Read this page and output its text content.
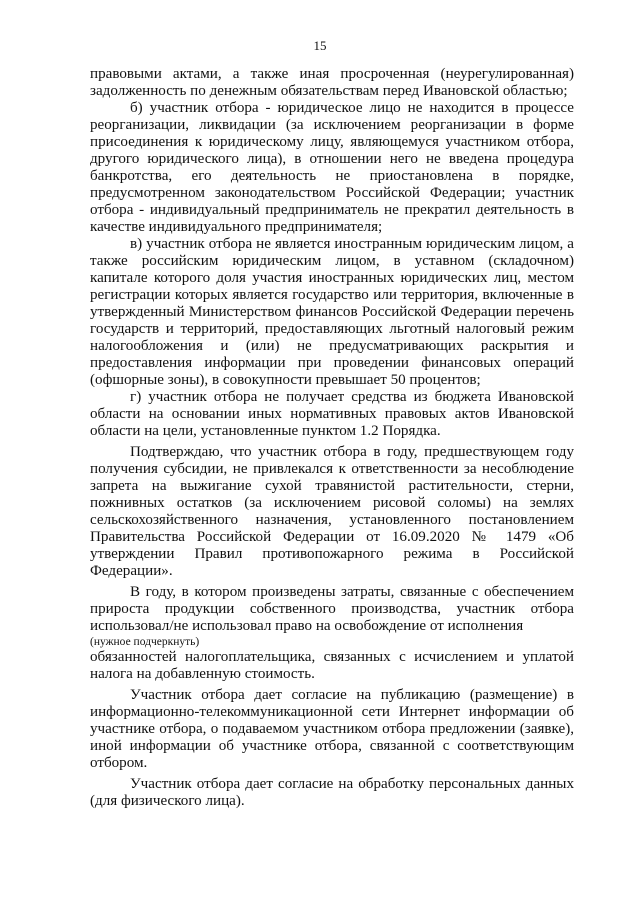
15

правовыми актами, а также иная просроченная (неурегулированная) задолженность по денежным обязательствам перед Ивановской областью;

б) участник отбора - юридическое лицо не находится в процессе реорганизации, ликвидации (за исключением реорганизации в форме присоединения к юридическому лицу, являющемуся участником отбора, другого юридического лица), в отношении него не введена процедура банкротства, его деятельность не приостановлена в порядке, предусмотренном законодательством Российской Федерации; участник отбора - индивидуальный предприниматель не прекратил деятельность в качестве индивидуального предпринимателя;

в) участник отбора не является иностранным юридическим лицом, а также российским юридическим лицом, в уставном (складочном) капитале которого доля участия иностранных юридических лиц, местом регистрации которых является государство или территория, включенные в утвержденный Министерством финансов Российской Федерации перечень государств и территорий, предоставляющих льготный налоговый режим налогообложения и (или) не предусматривающих раскрытия и предоставления информации при проведении финансовых операций (офшорные зоны), в совокупности превышает 50 процентов;

г) участник отбора не получает средства из бюджета Ивановской области на основании иных нормативных правовых актов Ивановской области на цели, установленные пунктом 1.2 Порядка.

Подтверждаю, что участник отбора в году, предшествующем году получения субсидии, не привлекался к ответственности за несоблюдение запрета на выжигание сухой травянистой растительности, стерни, пожнивных остатков (за исключением рисовой соломы) на землях сельскохозяйственного назначения, установленного постановлением Правительства Российской Федерации от 16.09.2020 № 1479 «Об утверждении Правил противопожарного режима в Российской Федерации».

В году, в котором произведены затраты, связанные с обеспечением прироста продукции собственного производства, участник отбора использовал/не использовал право на освобождение от исполнения

(нужное подчеркнуть)

обязанностей налогоплательщика, связанных с исчислением и уплатой налога на добавленную стоимость.

Участник отбора дает согласие на публикацию (размещение) в информационно-телекоммуникационной сети Интернет информации об участнике отбора, о подаваемом участником отбора предложении (заявке), иной информации об участнике отбора, связанной с соответствующим отбором.

Участник отбора дает согласие на обработку персональных данных (для физического лица).
